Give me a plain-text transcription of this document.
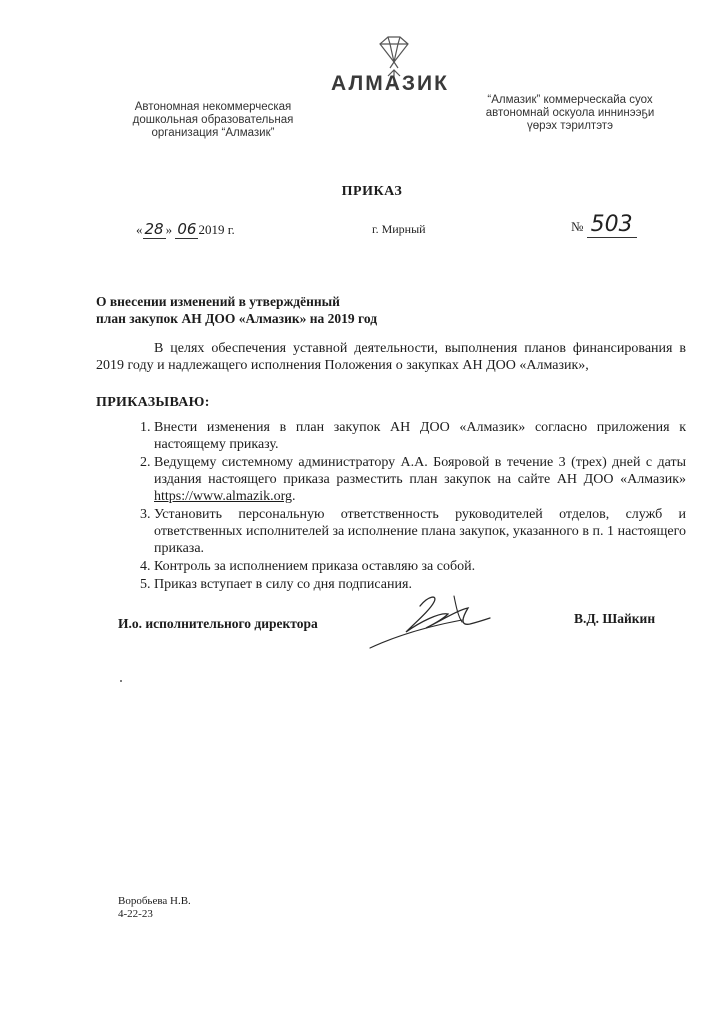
Автономная некоммерческая
дошкольная образовательная
организация “Алмазик”
АЛМАЗИК
“Алмазик” коммерческайа суох
автономнай оскуола иннинээҕи
үөрэх тэрилтэтэ
ПРИКАЗ
« 28 » 06 2019 г.	г. Мирный	№ 503
О внесении изменений в утверждённый
план закупок АН ДОО «Алмазик» на 2019 год
В целях обеспечения уставной деятельности, выполнения планов финансирования в 2019 году и надлежащего исполнения Положения о закупках АН ДОО «Алмазик»,
ПРИКАЗЫВАЮ:
1. Внести изменения в план закупок АН ДОО «Алмазик» согласно приложения к настоящему приказу.
2. Ведущему системному администратору А.А. Бояровой в течение 3 (трех) дней с даты издания настоящего приказа разместить план закупок на сайте АН ДОО «Алмазик» https://www.almazik.org.
3. Установить персональную ответственность руководителей отделов, служб и ответственных исполнителей за исполнение плана закупок, указанного в п. 1 настоящего приказа.
4. Контроль за исполнением приказа оставляю за собой.
5. Приказ вступает в силу со дня подписания.
И.о. исполнительного директора	В.Д. Шайкин
Воробьева Н.В.
4-22-23
